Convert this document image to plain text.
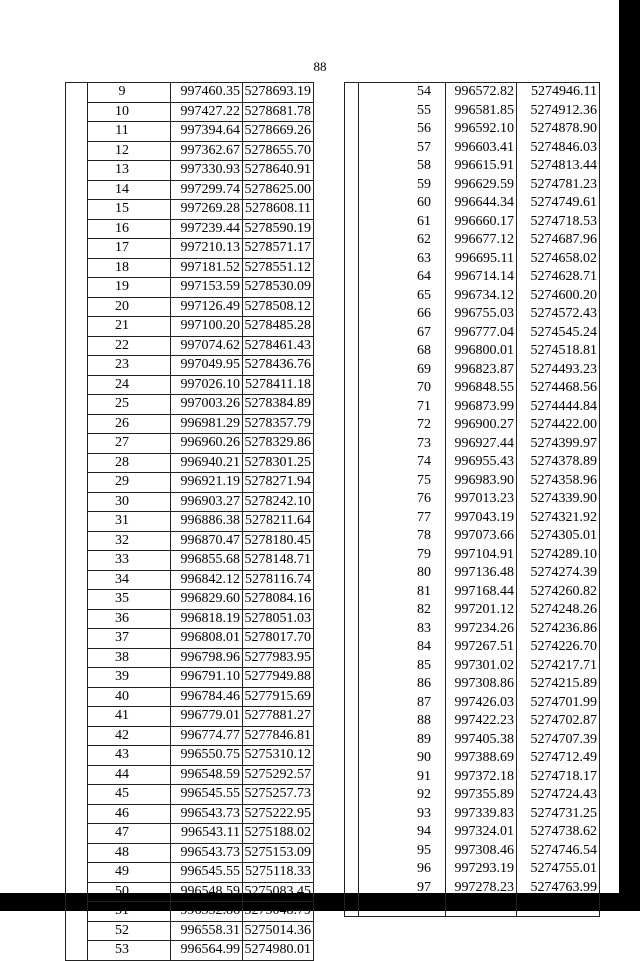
88
	9	997460.35	5278693.19
	10	997427.22	5278681.78
	11	997394.64	5278669.26
	12	997362.67	5278655.70
	13	997330.93	5278640.91
	14	997299.74	5278625.00
	15	997269.28	5278608.11
	16	997239.44	5278590.19
	17	997210.13	5278571.17
	18	997181.52	5278551.12
	19	997153.59	5278530.09
	20	997126.49	5278508.12
	21	997100.20	5278485.28
	22	997074.62	5278461.43
	23	997049.95	5278436.76
	24	997026.10	5278411.18
	25	997003.26	5278384.89
	26	996981.29	5278357.79
	27	996960.26	5278329.86
	28	996940.21	5278301.25
	29	996921.19	5278271.94
	30	996903.27	5278242.10
	31	996886.38	5278211.64
	32	996870.47	5278180.45
	33	996855.68	5278148.71
	34	996842.12	5278116.74
	35	996829.60	5278084.16
	36	996818.19	5278051.03
	37	996808.01	5278017.70
	38	996798.96	5277983.95
	39	996791.10	5277949.88
	40	996784.46	5277915.69
	41	996779.01	5277881.27
	42	996774.77	5277846.81
	43	996550.75	5275310.12
	44	996548.59	5275292.57
	45	996545.55	5275257.73
	46	996543.73	5275222.95
	47	996543.11	5275188.02
	48	996543.73	5275153.09
	49	996545.55	5275118.33
	50	996548.59	5275083.45
	51	996552.86	5275048.79
	52	996558.31	5275014.36
	53	996564.99	5274980.01
	54	996572.82	5274946.11
	55	996581.85	5274912.36
	56	996592.10	5274878.90
	57	996603.41	5274846.03
	58	996615.91	5274813.44
	59	996629.59	5274781.23
	60	996644.34	5274749.61
	61	996660.17	5274718.53
	62	996677.12	5274687.96
	63	996695.11	5274658.02
	64	996714.14	5274628.71
	65	996734.12	5274600.20
	66	996755.03	5274572.43
	67	996777.04	5274545.24
	68	996800.01	5274518.81
	69	996823.87	5274493.23
	70	996848.55	5274468.56
	71	996873.99	5274444.84
	72	996900.27	5274422.00
	73	996927.44	5274399.97
	74	996955.43	5274378.89
	75	996983.90	5274358.96
	76	997013.23	5274339.90
	77	997043.19	5274321.92
	78	997073.66	5274305.01
	79	997104.91	5274289.10
	80	997136.48	5274274.39
	81	997168.44	5274260.82
	82	997201.12	5274248.26
	83	997234.26	5274236.86
	84	997267.51	5274226.70
	85	997301.02	5274217.71
	86	997308.86	5274215.89
	87	997426.03	5274701.99
	88	997422.23	5274702.87
	89	997405.38	5274707.39
	90	997388.69	5274712.49
	91	997372.18	5274718.17
	92	997355.89	5274724.43
	93	997339.83	5274731.25
	94	997324.01	5274738.62
	95	997308.46	5274746.54
	96	997293.19	5274755.01
	97	997278.23	5274763.99
	98	997263.60	5274773.50
